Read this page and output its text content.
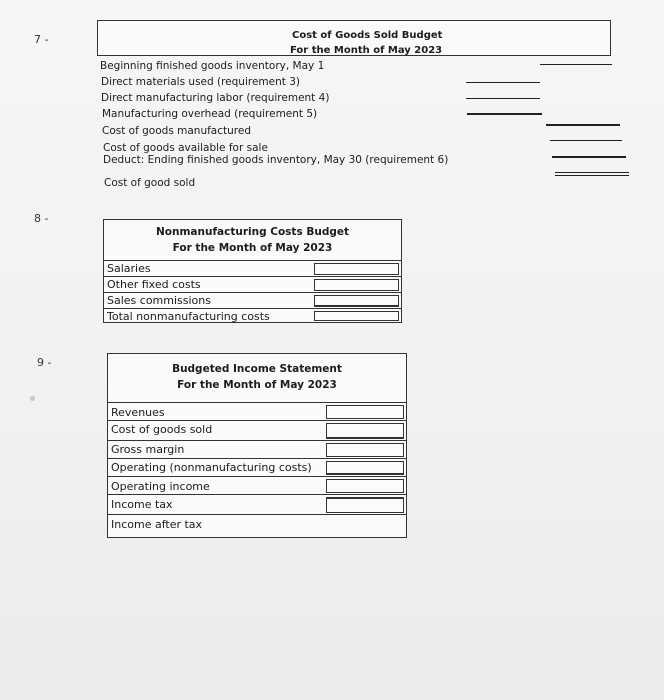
7 -	Cost of Goods Sold Budget
For the Month of May 2023
Beginning finished goods inventory, May 1
Direct materials used (requirement 3)
Direct manufacturing labor (requirement 4)
Manufacturing overhead (requirement 5)
Cost of goods manufactured
Cost of goods available for sale
Deduct: Ending finished goods inventory, May 30 (requirement 6)
Cost of good sold
8 -
Nonmanufacturing Costs Budget
For the Month of May 2023
Salaries
Other fixed costs
Sales commissions
Total nonmanufacturing costs
9 -	Budgeted Income Statement
For the Month of May 2023
Revenues
Cost of goods sold
Gross margin
Operating (nonmanufacturing costs)
Operating income
Income tax
Income after tax
